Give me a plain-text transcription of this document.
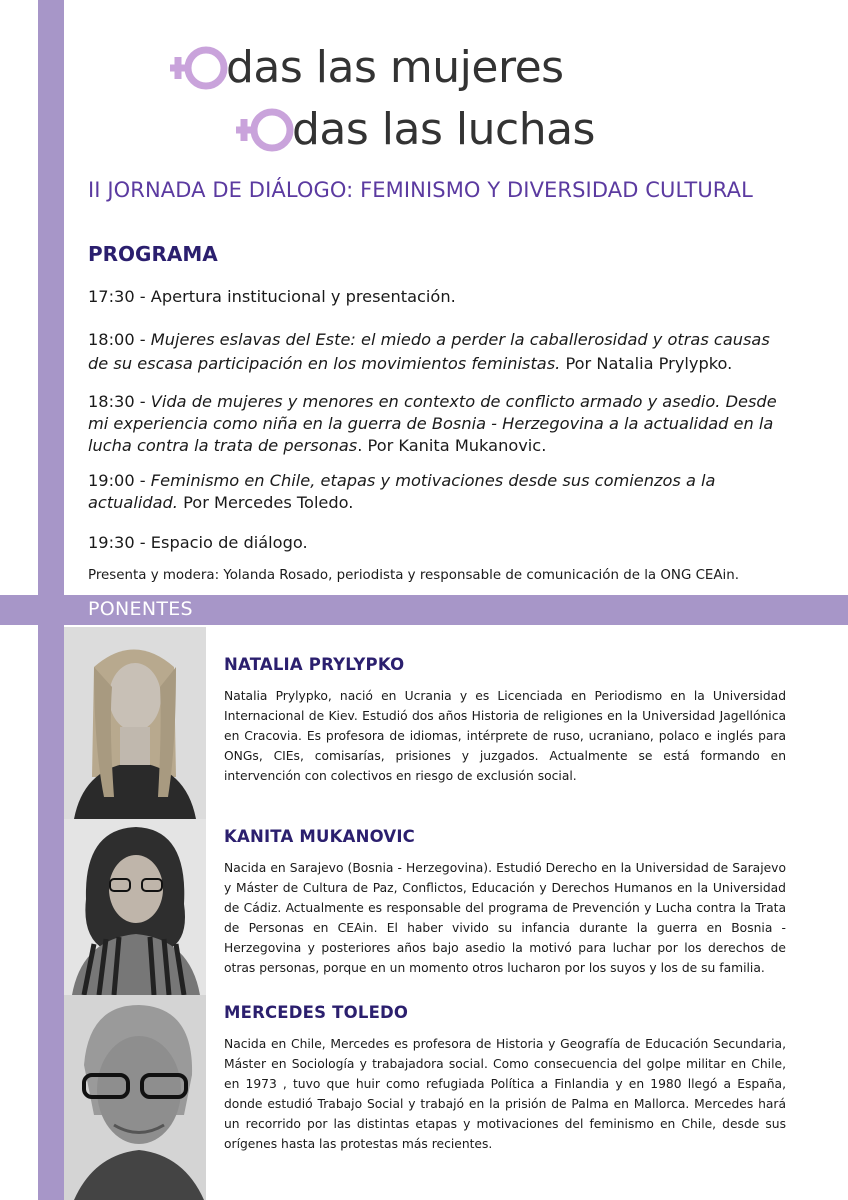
das las mujeres
das las luchas
II JORNADA DE DIÁLOGO: FEMINISMO Y DIVERSIDAD CULTURAL
PROGRAMA
17:30 - Apertura institucional y presentación.
18:00 - Mujeres eslavas del Este: el miedo a perder la caballerosidad y otras causas de su escasa participación en los movimientos feministas. Por Natalia Prylypko.
18:30 - Vida de mujeres y menores en contexto de conflicto armado y asedio. Desde mi experiencia como niña en la guerra de Bosnia - Herzegovina a la actualidad en la lucha contra la trata de personas. Por Kanita Mukanovic.
19:00 - Feminismo en Chile, etapas y motivaciones desde sus comienzos a la actualidad. Por Mercedes Toledo.
19:30 - Espacio de diálogo.
Presenta y modera: Yolanda Rosado, periodista y responsable de comunicación de la ONG CEAin.
PONENTES
NATALIA PRYLYPKO
Natalia Prylypko, nació en Ucrania y es Licenciada en Periodismo en la Universidad Internacional de Kiev. Estudió dos años Historia de religiones en la Universidad Jagellónica en Cracovia. Es profesora de idiomas, intérprete de ruso, ucraniano, polaco e inglés para ONGs, CIEs, comisarías, prisiones y juzgados. Actualmente se está formando en intervención con colectivos en riesgo de exclusión social.
KANITA MUKANOVIC
Nacida en Sarajevo (Bosnia - Herzegovina). Estudió Derecho en la Universidad de Sarajevo y Máster de Cultura de Paz, Conflictos, Educación y Derechos Humanos en la Universidad de Cádiz. Actualmente es responsable del programa de Prevención y Lucha contra la Trata de Personas en CEAin. El haber vivido su infancia durante la guerra en Bosnia - Herzegovina y posteriores años bajo asedio la motivó para luchar por los derechos de otras personas, porque en un momento otros lucharon por los suyos y los de su familia.
MERCEDES TOLEDO
Nacida en Chile, Mercedes es profesora de Historia y Geografía de Educación Secundaria, Máster en Sociología y trabajadora social. Como consecuencia del golpe militar en Chile, en 1973 , tuvo que huir como refugiada Política a Finlandia y en 1980 llegó a España, donde estudió Trabajo Social y trabajó en la prisión de Palma en Mallorca. Mercedes hará un recorrido por las distintas etapas y motivaciones del feminismo en Chile, desde sus orígenes hasta las protestas más recientes.
